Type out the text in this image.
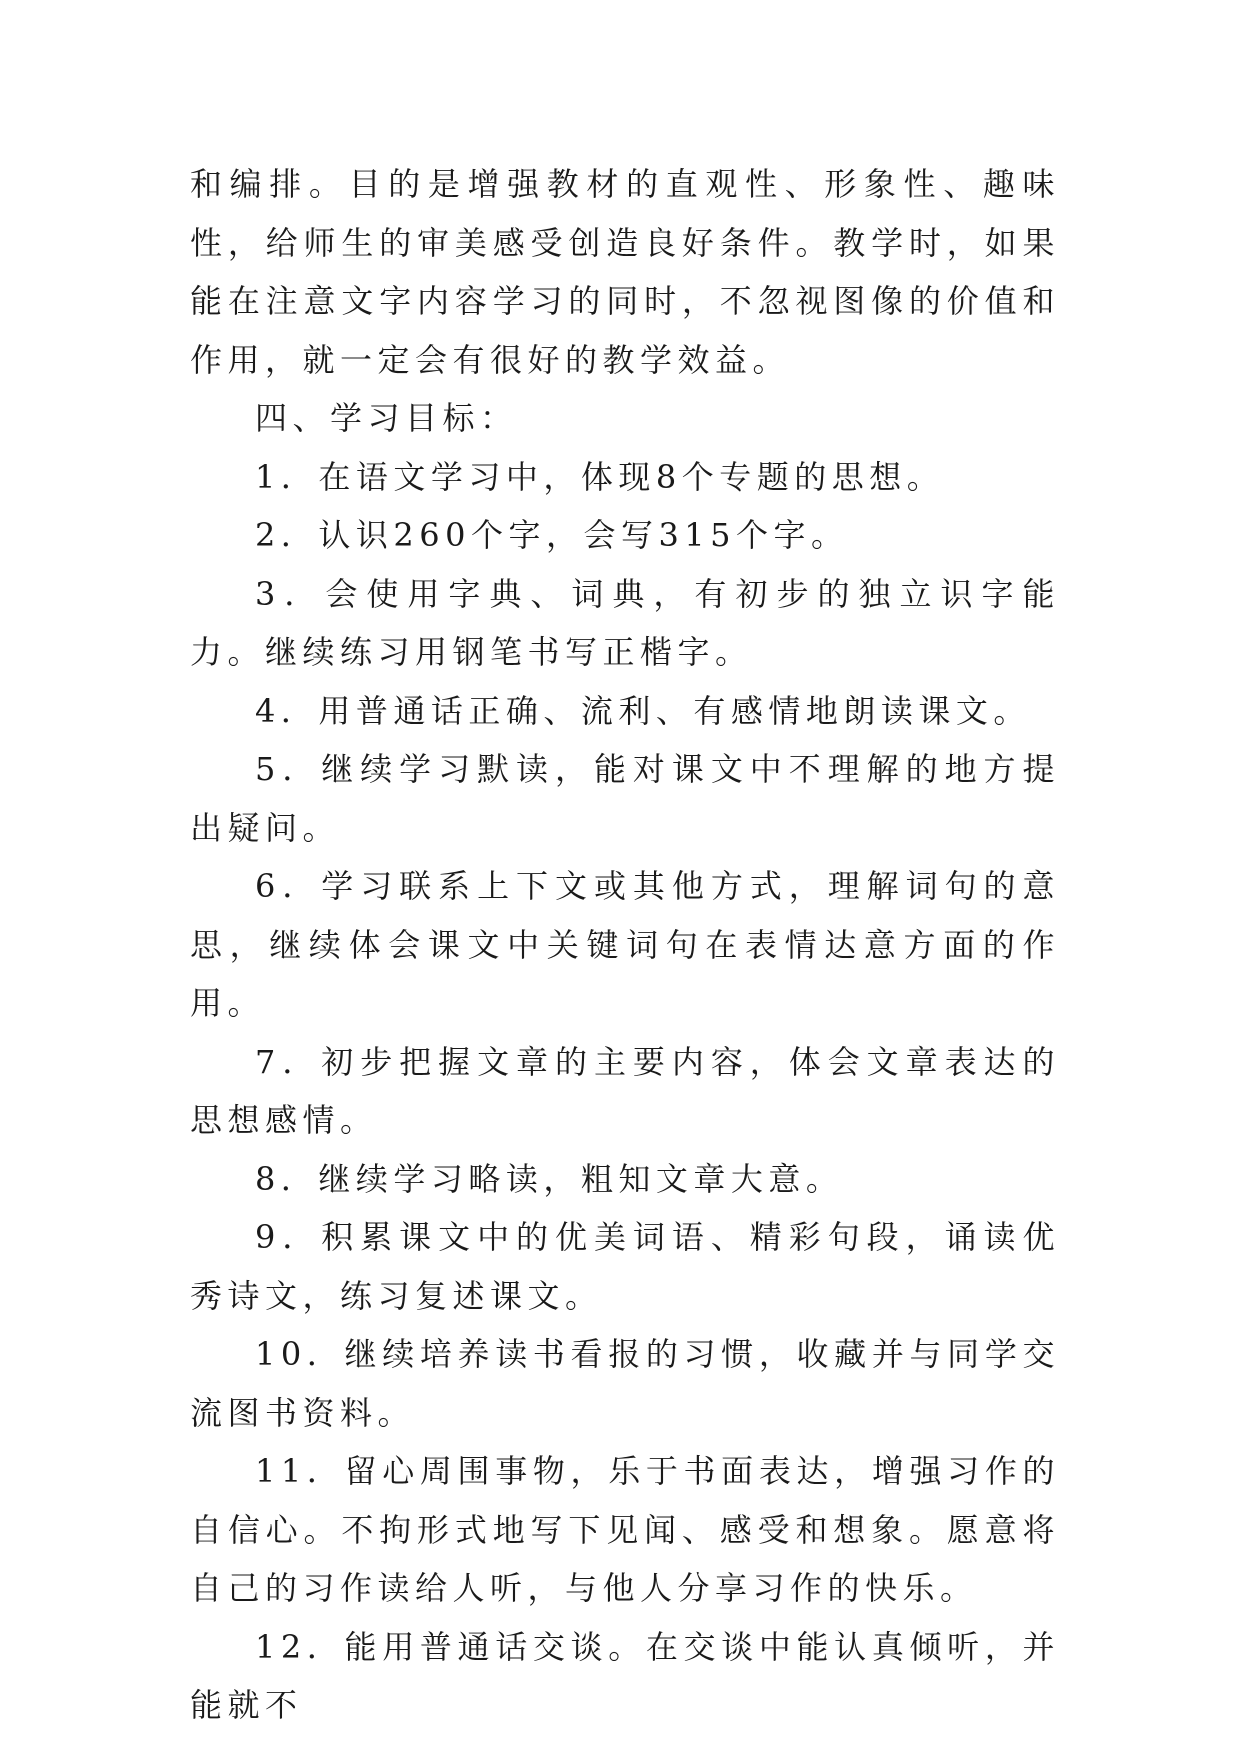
和编排。目的是增强教材的直观性、形象性、趣味性，给师生的审美感受创造良好条件。教学时，如果能在注意文字内容学习的同时，不忽视图像的价值和作用，就一定会有很好的教学效益。

四、学习目标：

1．在语文学习中，体现8个专题的思想。

2．认识260个字，会写315个字。

3．会使用字典、词典，有初步的独立识字能力。继续练习用钢笔书写正楷字。

4．用普通话正确、流利、有感情地朗读课文。

5．继续学习默读，能对课文中不理解的地方提出疑问。

6．学习联系上下文或其他方式，理解词句的意思，继续体会课文中关键词句在表情达意方面的作用。

7．初步把握文章的主要内容，体会文章表达的思想感情。

8．继续学习略读，粗知文章大意。

9．积累课文中的优美词语、精彩句段，诵读优秀诗文，练习复述课文。

10．继续培养读书看报的习惯，收藏并与同学交流图书资料。

11．留心周围事物，乐于书面表达，增强习作的自信心。不拘形式地写下见闻、感受和想象。愿意将自己的习作读给人听，与他人分享习作的快乐。

12．能用普通话交谈。在交谈中能认真倾听，并能就不
